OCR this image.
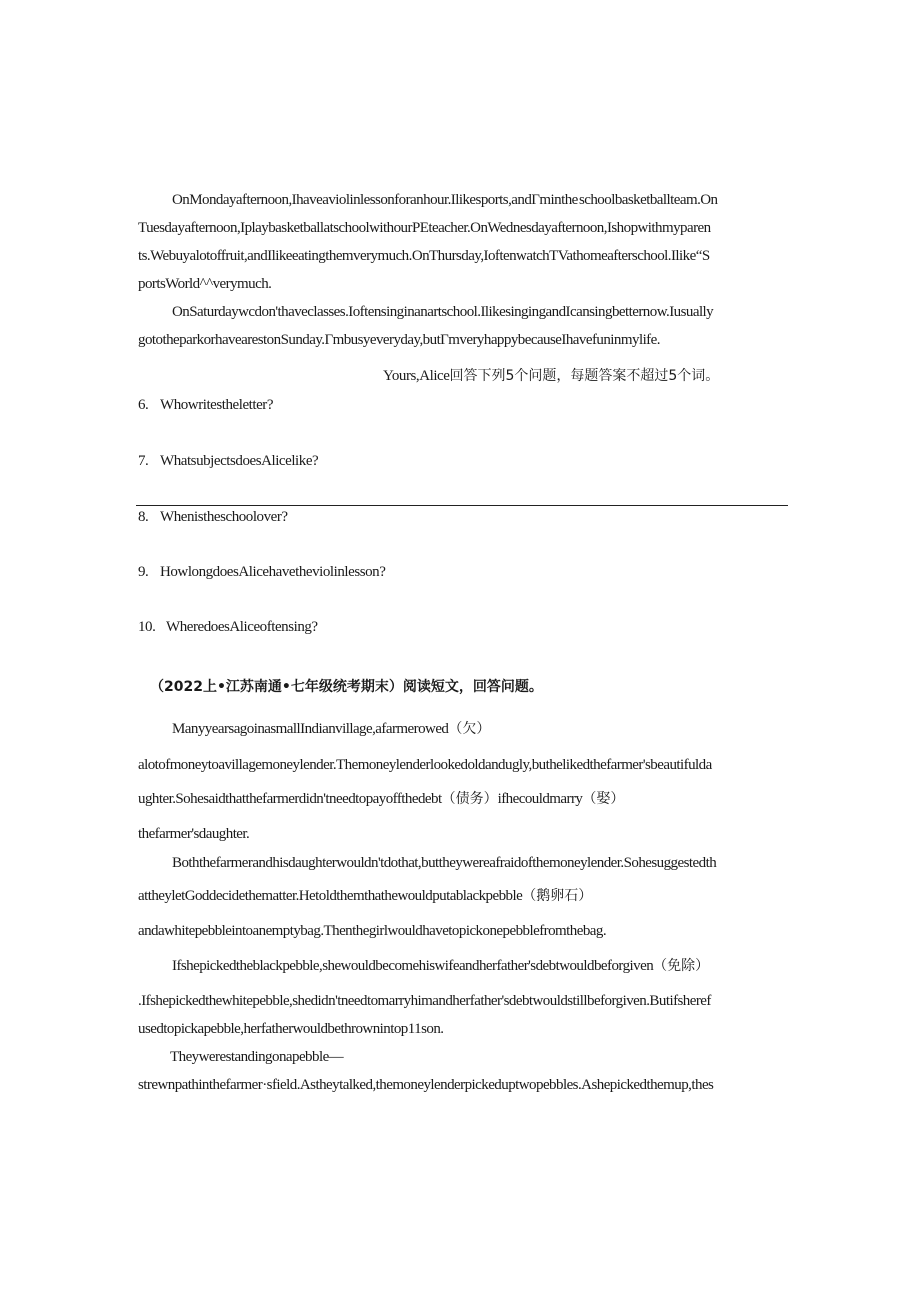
OnMondayafternoon,Ihaveaviolinlessonforanhour.Ilikesports,andΓminthe schoolbasketballteam.On
Tuesdayafternoon,IplaybasketballatschoolwithourPEteacher.OnWednesdayafternoon,Ishopwithmyparen
ts.Webuyalotoffruit,andIlikeeatingthemverymuch.OnThursday,IoftenwatchTVathomeafterschool.Ilike“S
portsWorld^^verymuch.
OnSaturdaywcdon'thaveclasses.Ioftensinginanartschool.IlikesingingandIcansingbetternow.Iusually
gototheparkorhavearestonSunday.Γmbusyeveryday,butΓmveryhappybecauseIhavefuninmylife.
Yours,Alice回答下列5个问题，每题答案不超过5个词。
6. Whowritestheletter?
7. WhatsubjectsdoesAlicelike?
8. Whenistheschoolover?
9. HowlongdoesAlicehavetheviolinlesson?
10. WheredoesAliceoftensing?
（2022上•江苏南通•七年级统考期末）阅读短文，回答问题。
ManyyearsagoinasmallIndianvillage,afarmerowed（欠）
alotofmoneytoavillagemoneylender.Themoneylenderlookedoldandugly,buthelikedthefarmer'sbeautifulda
ughter.Sohesaidthatthefarmerdidn'tneedtopayoffthedebt（债务）ifhecouldmarry（娶）
thefarmer'sdaughter.
Boththefarmerandhisdaughterwouldn'tdothat,buttheywereafraidofthemoneylender.Sohesuggestedth
attheyletGoddecidethematter.Hetoldthemthathewouldputablackpebble（鹅卵石）
andawhitepebbleintoanemptybag.Thenthegirlwouldhavetopickonepebblefromthebag.
Ifshepickedtheblackpebble,shewouldbecomehiswifeandherfather'sdebtwouldbeforgiven（免除）
.Ifshepickedthewhitepebble,shedidn'tneedtomarryhimandherfather'sdebtwouldstillbeforgiven.Butifsheref
usedtopickapebble,herfatherwouldbethrownintop11son.
Theywerestandingonapebble—
strewnpathinthefarmer·sfield.Astheytalked,themoneylenderpickeduptwopebbles.Ashepickedthemup,thes
